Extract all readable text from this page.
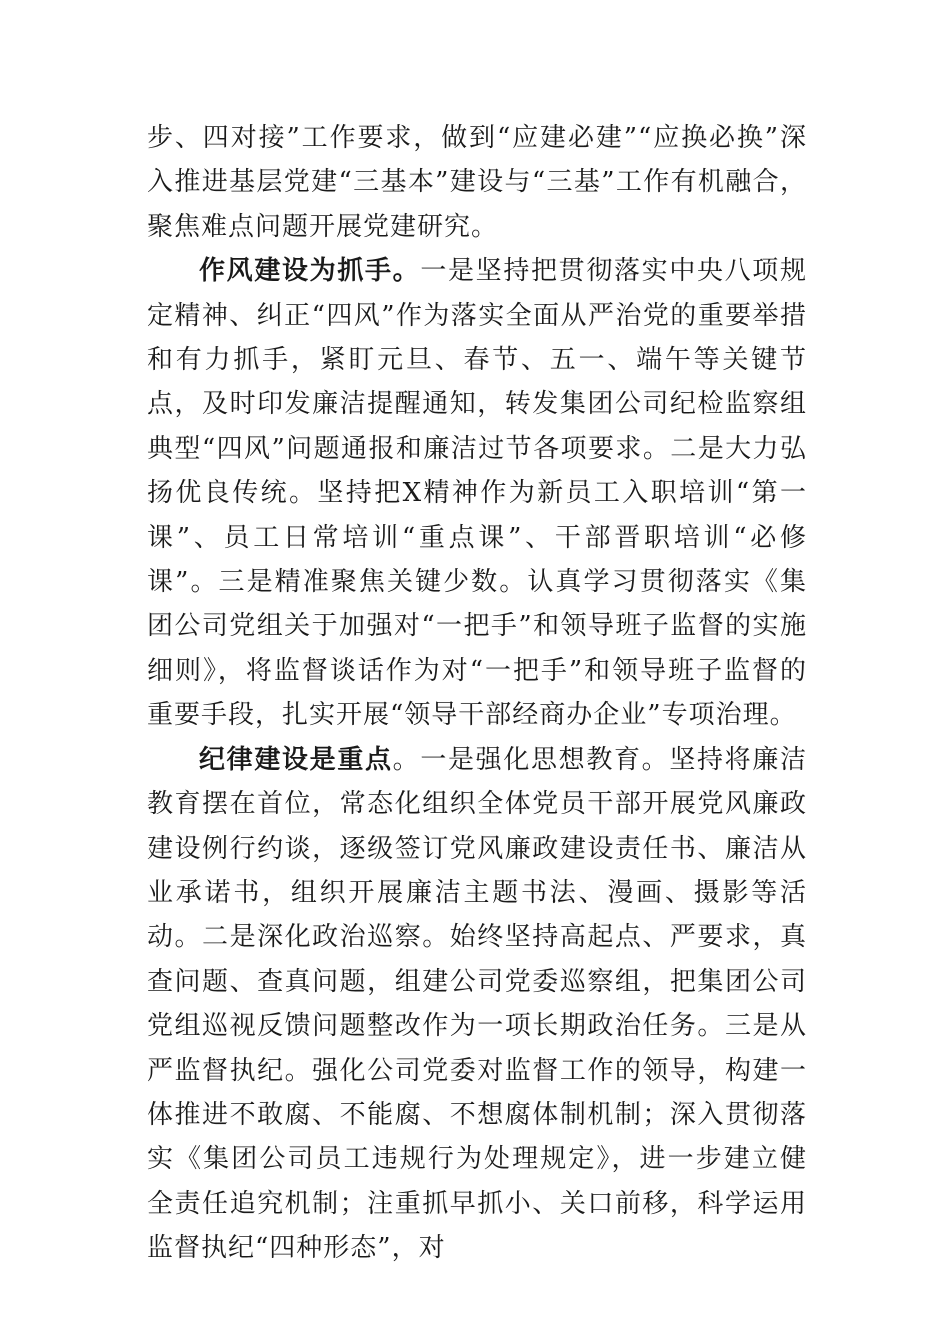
步、四对接”工作要求，做到“应建必建”“应换必换”深入推进基层党建“三基本”建设与“三基”工作有机融合，聚焦难点问题开展党建研究。

作风建设为抓手。一是坚持把贯彻落实中央八项规定精神、纠正“四风”作为落实全面从严治党的重要举措和有力抓手，紧盯元旦、春节、五一、端午等关键节点，及时印发廉洁提醒通知，转发集团公司纪检监察组典型“四风”问题通报和廉洁过节各项要求。二是大力弘扬优良传统。坚持把X精神作为新员工入职培训“第一课”、员工日常培训“重点课”、干部晋职培训“必修课”。三是精准聚焦关键少数。认真学习贯彻落实《集团公司党组关于加强对“一把手”和领导班子监督的实施细则》，将监督谈话作为对“一把手”和领导班子监督的重要手段，扎实开展“领导干部经商办企业”专项治理。

纪律建设是重点。一是强化思想教育。坚持将廉洁教育摆在首位，常态化组织全体党员干部开展党风廉政建设例行约谈，逐级签订党风廉政建设责任书、廉洁从业承诺书，组织开展廉洁主题书法、漫画、摄影等活动。二是深化政治巡察。始终坚持高起点、严要求，真查问题、查真问题，组建公司党委巡察组，把集团公司党组巡视反馈问题整改作为一项长期政治任务。三是从严监督执纪。强化公司党委对监督工作的领导，构建一体推进不敢腐、不能腐、不想腐体制机制；深入贯彻落实《集团公司员工违规行为处理规定》，进一步建立健全责任追究机制；注重抓早抓小、关口前移，科学运用监督执纪“四种形态”，对
